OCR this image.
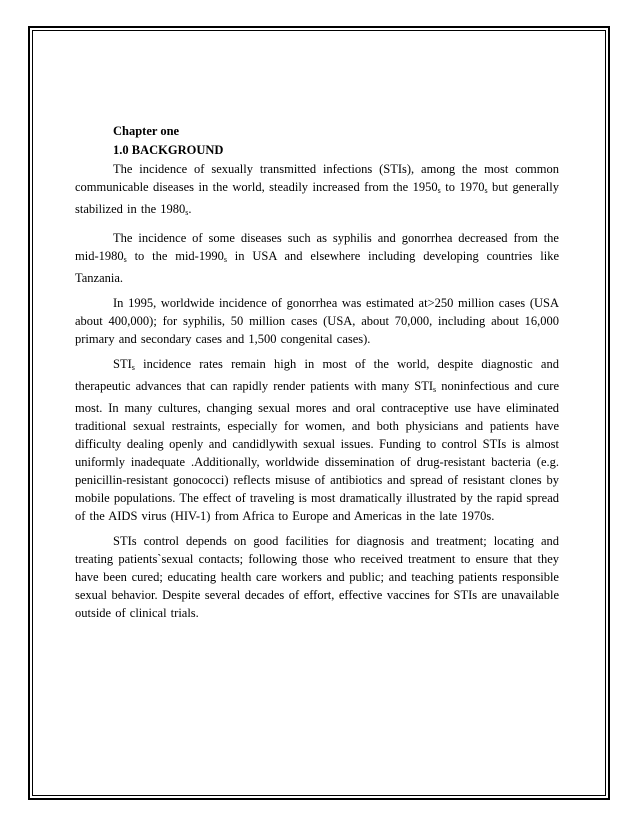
Chapter one
1.0 BACKGROUND

The incidence of sexually transmitted infections (STIs), among the most common communicable diseases in the world, steadily increased from the $1950_s$ to $1970_s$ but generally stabilized in the $1980_s$.

The incidence of some diseases such as syphilis and gonorrhea decreased from the mid-$1980_s$ to the mid-$1990_s$ in USA and elsewhere including developing countries like Tanzania.

In 1995, worldwide incidence of gonorrhea was estimated at>250 million cases (USA about 400,000); for syphilis, 50 million cases (USA, about 70,000, including about 16,000 primary and secondary cases and 1,500 congenital cases).

$STI_s$ incidence rates remain high in most of the world, despite diagnostic and therapeutic advances that can rapidly render patients with many $STI_s$ noninfectious and cure most. In many cultures, changing sexual mores and oral contraceptive use have eliminated traditional sexual restraints, especially for women, and both physicians and patients have difficulty dealing openly and candidlywith sexual issues. Funding to control STIs is almost uniformly inadequate .Additionally, worldwide dissemination of drug-resistant bacteria (e.g. penicillin-resistant gonococci) reflects misuse of antibiotics and spread of resistant clones by mobile populations. The effect of traveling is most dramatically illustrated by the rapid spread of the AIDS virus (HIV-1) from Africa to Europe and Americas in the late 1970s.

STIs control depends on good facilities for diagnosis and treatment; locating and treating patients`sexual contacts; following those who received treatment to ensure that they have been cured; educating health care workers and public; and teaching patients responsible sexual behavior. Despite several decades of effort, effective vaccines for STIs are unavailable outside of clinical trials.
